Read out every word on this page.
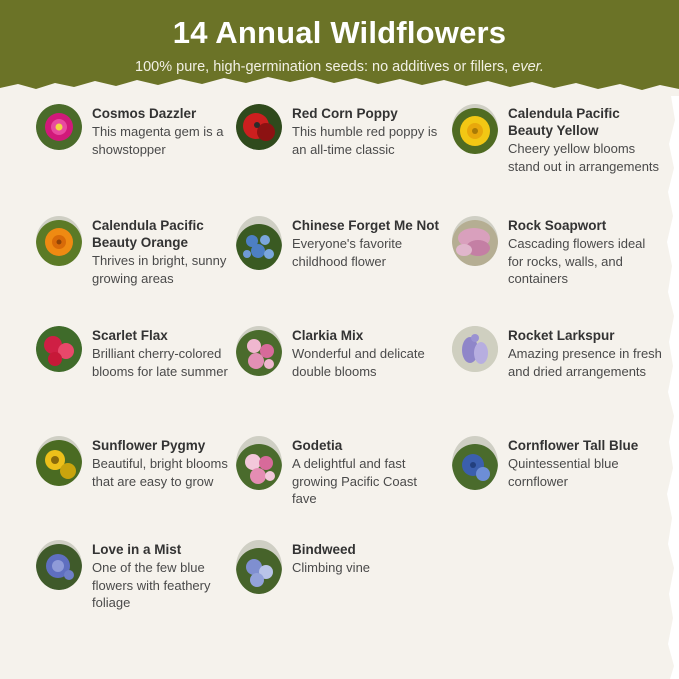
14 Annual Wildflowers
100% pure, high-germination seeds: no additives or fillers, ever.
Cosmos Dazzler
This magenta gem is a showstopper
Red Corn Poppy
This humble red poppy is an all-time classic
Calendula Pacific Beauty Yellow
Cheery yellow blooms stand out in arrangements
Calendula Pacific Beauty Orange
Thrives in bright, sunny growing areas
Chinese Forget Me Not
Everyone's favorite childhood flower
Rock Soapwort
Cascading flowers ideal for rocks, walls, and containers
Scarlet Flax
Brilliant cherry-colored blooms for late summer
Clarkia Mix
Wonderful and delicate double blooms
Rocket Larkspur
Amazing presence in fresh and dried arrangements
Sunflower Pygmy
Beautiful, bright blooms that are easy to grow
Godetia
A delightful and fast growing Pacific Coast fave
Cornflower Tall Blue
Quintessential blue cornflower
Love in a Mist
One of the few blue flowers with feathery foliage
Bindweed
Climbing vine
